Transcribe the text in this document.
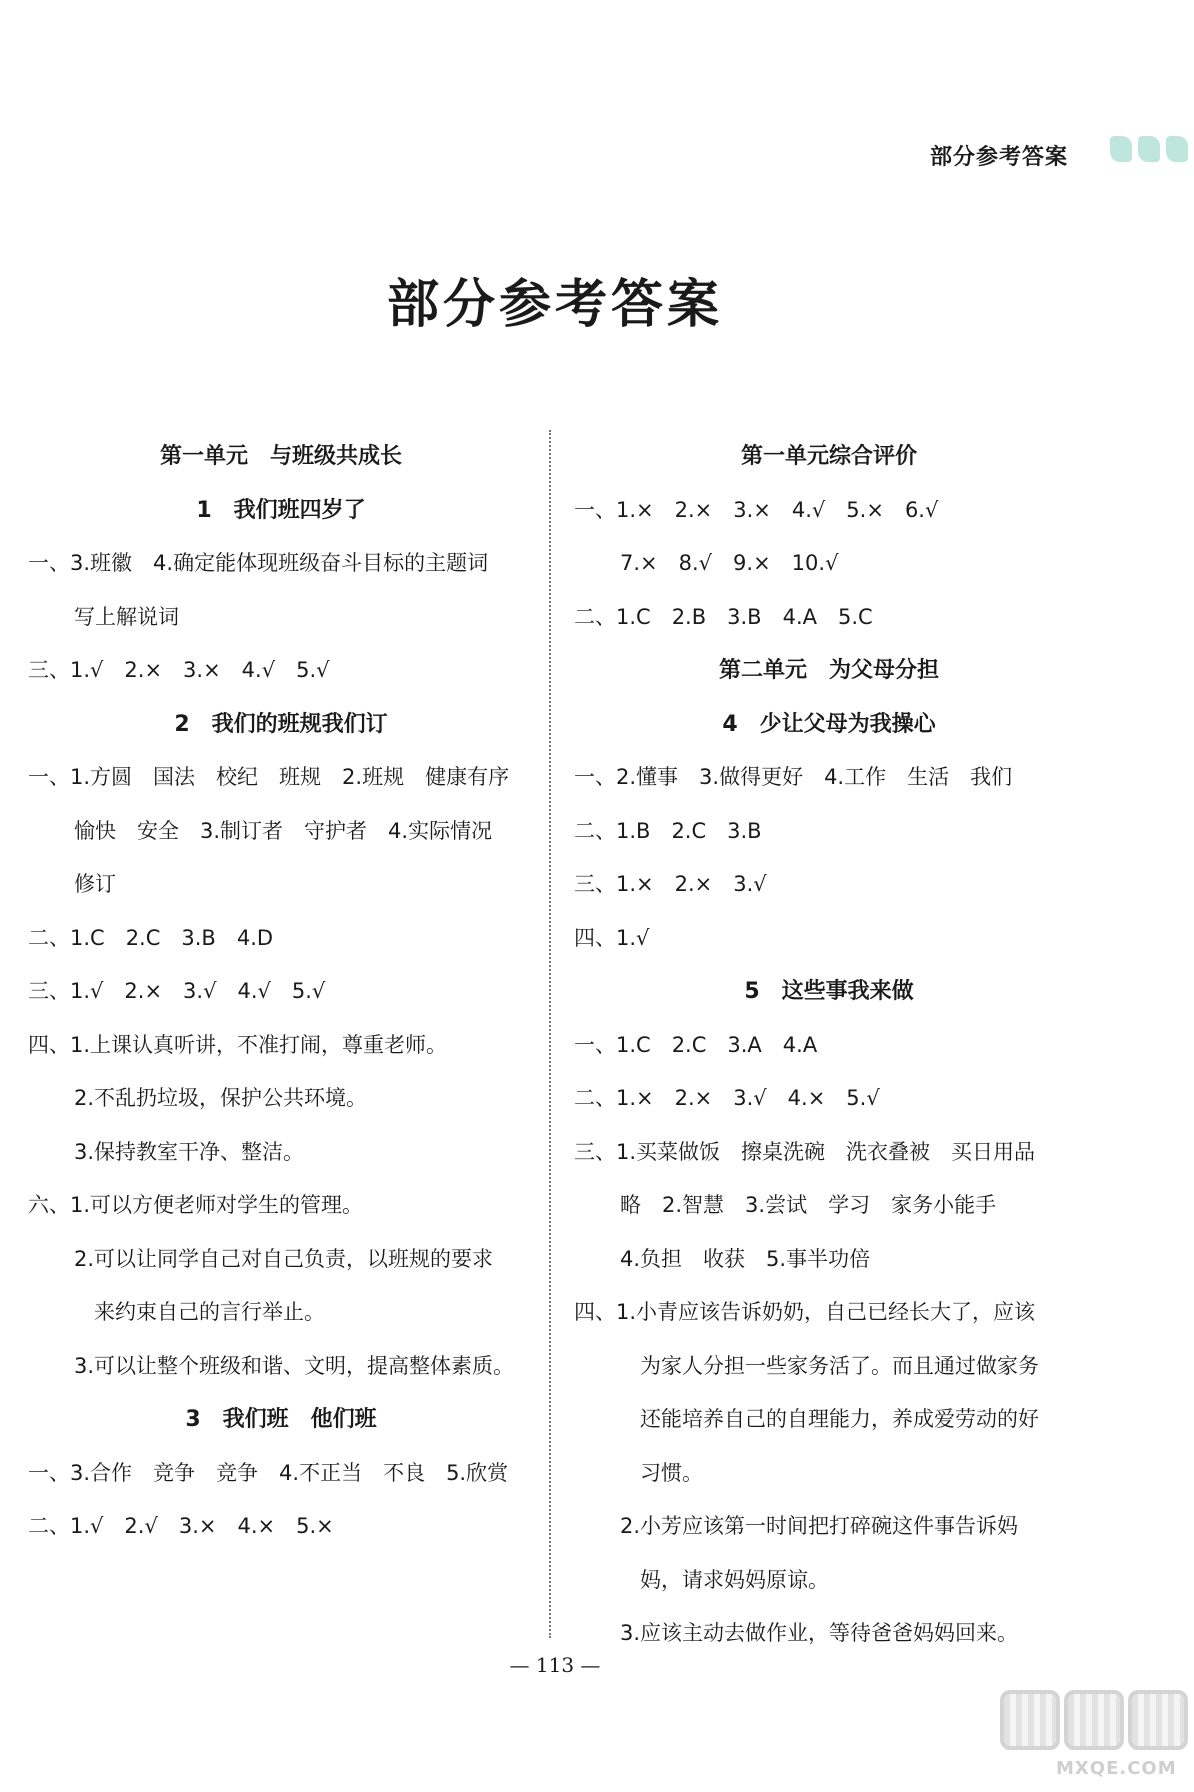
部分参考答案
部分参考答案
第一单元　与班级共成长
1　我们班四岁了
一、3.班徽　4.确定能体现班级奋斗目标的主题词
写上解说词
三、1.√　2.×　3.×　4.√　5.√
2　我们的班规我们订
一、1.方圆　国法　校纪　班规　2.班规　健康有序
愉快　安全　3.制订者　守护者　4.实际情况
修订
二、1.C　2.C　3.B　4.D
三、1.√　2.×　3.√　4.√　5.√
四、1.上课认真听讲，不准打闹，尊重老师。
2.不乱扔垃圾，保护公共环境。
3.保持教室干净、整洁。
六、1.可以方便老师对学生的管理。
2.可以让同学自己对自己负责，以班规的要求
来约束自己的言行举止。
3.可以让整个班级和谐、文明，提高整体素质。
3　我们班　他们班
一、3.合作　竞争　竞争　4.不正当　不良　5.欣赏
二、1.√　2.√　3.×　4.×　5.×
第一单元综合评价
一、1.×　2.×　3.×　4.√　5.×　6.√
7.×　8.√　9.×　10.√
二、1.C　2.B　3.B　4.A　5.C
第二单元　为父母分担
4　少让父母为我操心
一、2.懂事　3.做得更好　4.工作　生活　我们
二、1.B　2.C　3.B
三、1.×　2.×　3.√
四、1.√
5　这些事我来做
一、1.C　2.C　3.A　4.A
二、1.×　2.×　3.√　4.×　5.√
三、1.买菜做饭　擦桌洗碗　洗衣叠被　买日用品
略　2.智慧　3.尝试　学习　家务小能手
4.负担　收获　5.事半功倍
四、1.小青应该告诉奶奶，自己已经长大了，应该
为家人分担一些家务活了。而且通过做家务
还能培养自己的自理能力，养成爱劳动的好
习惯。
2.小芳应该第一时间把打碎碗这件事告诉妈
妈，请求妈妈原谅。
3.应该主动去做作业，等待爸爸妈妈回来。
— 113 —
MXQE.COM
